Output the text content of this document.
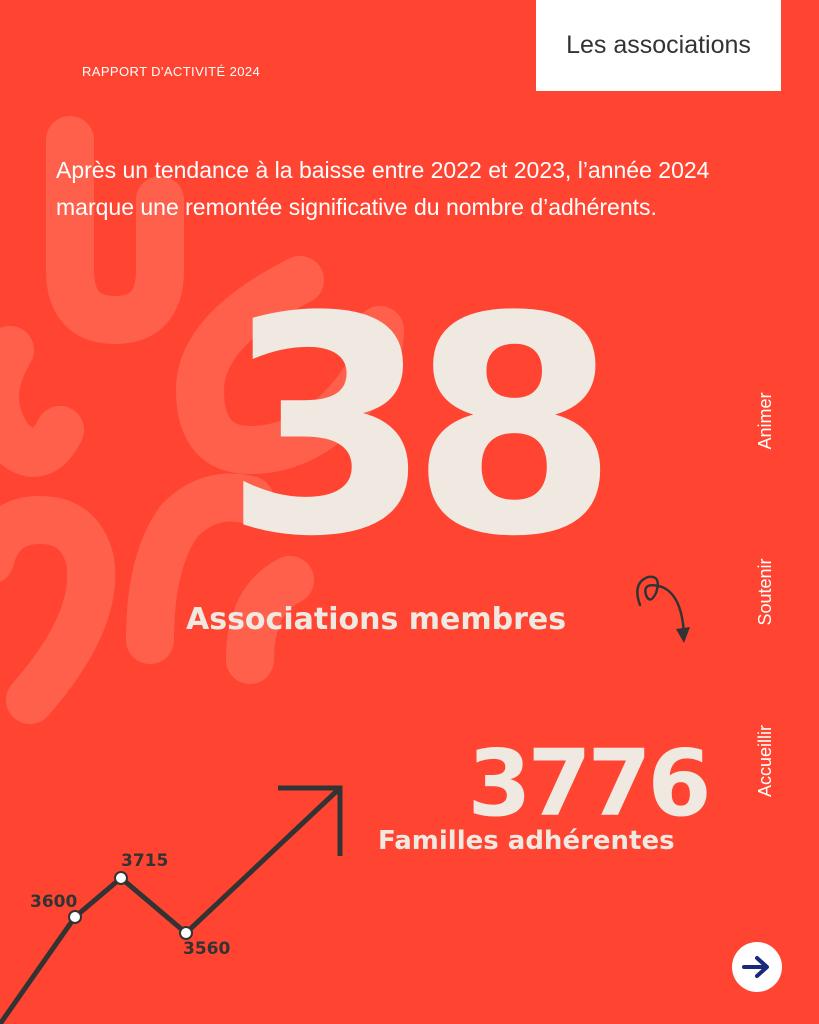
RAPPORT D'ACTIVITÉ 2024
Les associations

Après un tendance à la baisse entre 2022 et 2023, l’année 2024 marque une remontée significative du nombre d’adhérents.

38
Associations membres
3776
Familles adhérentes
Animer
Soutenir
Accueillir
3600
3715
3560
